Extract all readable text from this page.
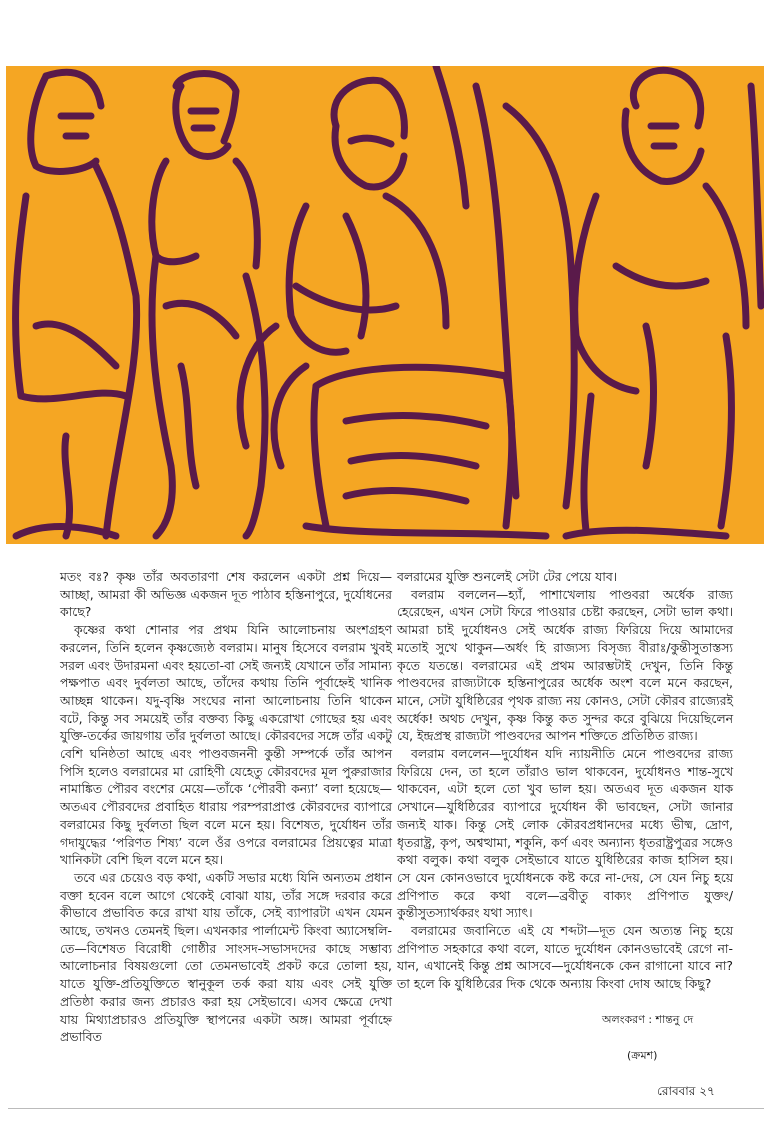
মতং বঃ? কৃষ্ণ তাঁর অবতারণা শেষ করলেন একটা প্রশ্ন দিয়ে—আচ্ছা, আমরা কী অভিজ্ঞ একজন দূত পাঠাব হস্তিনাপুরে, দুর্যোধনের কাছে?

কৃষ্ণের কথা শোনার পর প্রথম যিনি আলোচনায় অংশগ্রহণ করলেন, তিনি হলেন কৃষ্ণজ্যেষ্ঠ বলরাম। মানুষ হিসেবে বলরাম খুবই সরল এবং উদারমনা এবং হয়তো-বা সেই জন্যই যেখানে তাঁর সামান্য পক্ষপাত এবং দুর্বলতা আছে, তাঁদের কথায় তিনি পূর্বাহ্নেই খানিক আচ্ছন্ন থাকেন। যদু-বৃষ্ণি সংঘের নানা আলোচনায় তিনি থাকেন বটে, কিন্তু সব সময়েই তাঁর বক্তব্য কিছু একরোখা গোছের হয় এবং যুক্তি-তর্কের জায়গায় তাঁর দুর্বলতা আছে। কৌরবদের সঙ্গে তাঁর একটু বেশি ঘনিষ্ঠতা আছে এবং পাণ্ডবজননী কুন্তী সম্পর্কে তাঁর আপন পিসি হলেও বলরামের মা রোহিণী যেহেতু কৌরবদের মূল পুরুরাজার নামাঙ্কিত পৌরব বংশের মেয়ে—তাঁকে ‘পৌরবী কন্যা’ বলা হয়েছে—অতএব পৌরবদের প্রবাহিত ধারায় পরম্পরাপ্রাপ্ত কৌরবদের ব্যাপারে বলরামের কিছু দুর্বলতা ছিল বলে মনে হয়। বিশেষত, দুর্যোধন তাঁর গদাযুদ্ধের ‘পরিণত শিষ্য’ বলে ওঁর ওপরে বলরামের প্রিয়ত্বের মাত্রা খানিকটা বেশি ছিল বলে মনে হয়।

তবে এর চেয়েও বড় কথা, একটি সভার মধ্যে যিনি অন্যতম প্রধান বক্তা হবেন বলে আগে থেকেই বোঝা যায়, তাঁর সঙ্গে দরবার করে কীভাবে প্রভাবিত করে রাখা যায় তাঁকে, সেই ব্যাপারটা এখন যেমন আছে, তখনও তেমনই ছিল। এখনকার পার্লামেন্ট কিংবা অ্যাসেম্বলি-তে—বিশেষত বিরোধী গোষ্ঠীর সাংসদ-সভাসদদের কাছে সম্ভাব্য আলোচনার বিষয়গুলো তো তেমনভাবেই প্রকট করে তোলা হয়, যাতে যুক্তি-প্রতিযুক্তিতে স্বানুকূল তর্ক করা যায় এবং সেই যুক্তি প্রতিষ্ঠা করার জন্য প্রচারও করা হয় সেইভাবে। এসব ক্ষেত্রে দেখা যায় মিথ্যাপ্রচারও প্রতিযুক্তি স্থাপনের একটা অঙ্গ। আমরা পূর্বাহ্নে প্রভাবিত

বলরামের যুক্তি শুনলেই সেটা টের পেয়ে যাব।

বলরাম বললেন—হ্যাঁ, পাশাখেলায় পাণ্ডবরা অর্ধেক রাজ্য হেরেছেন, এখন সেটা ফিরে পাওয়ার চেষ্টা করছেন, সেটা ভাল কথা। আমরা চাই দুর্যোধনও সেই অর্ধেক রাজ্য ফিরিয়ে দিয়ে আমাদের মতোই সুখে থাকুন—অর্ধং হি রাজ্যস্য বিসৃজ্য বীরাঃ/কুন্তীসুতাস্তস্য কৃতে যতন্তে। বলরামের এই প্রথম আরম্ভটাই দেখুন, তিনি কিন্তু পাণ্ডবদের রাজ্যটাকে হস্তিনাপুরের অর্ধেক অংশ বলে মনে করছেন, মানে, সেটা যুধিষ্ঠিরের পৃথক রাজ্য নয় কোনও, সেটা কৌরব রাজ্যেরই অর্ধেক! অথচ দেখুন, কৃষ্ণ কিন্তু কত সুন্দর করে বুঝিয়ে দিয়েছিলেন যে, ইন্দ্রপ্রস্থ রাজ্যটা পাণ্ডবদের আপন শক্তিতে প্রতিষ্ঠিত রাজ্য।

বলরাম বললেন—দুর্যোধন যদি ন্যায়নীতি মেনে পাণ্ডবদের রাজ্য ফিরিয়ে দেন, তা হলে তাঁরাও ভাল থাকবেন, দুর্যোধনও শান্ত-সুখে থাকবেন, এটা হলে তো খুব ভাল হয়। অতএব দূত একজন যাক সেখানে—যুধিষ্ঠিরের ব্যাপারে দুর্যোধন কী ভাবছেন, সেটা জানার জন্যই যাক। কিন্তু সেই লোক কৌরবপ্রধানদের মধ্যে ভীষ্ম, দ্রোণ, ধৃতরাষ্ট্র, কৃপ, অশ্বত্থামা, শকুনি, কর্ণ এবং অন্যান্য ধৃতরাষ্ট্রপুত্রর সঙ্গেও কথা বলুক। কথা বলুক সেইভাবে যাতে যুধিষ্ঠিরের কাজ হাসিল হয়। সে যেন কোনওভাবে দুর্যোধনকে কষ্ট করে না-দেয়, সে যেন নিচু হয়ে প্রণিপাত করে কথা বলে—ব্রবীতু বাক্যং প্রণিপাত যুক্তং/কুন্তীসুতস্যার্থকরং যথা স্যাৎ।

বলরামের জবানিতে এই যে শব্দটা—দূত যেন অত্যন্ত নিচু হয়ে প্রণিপাত সহকারে কথা বলে, যাতে দুর্যোধন কোনওভাবেই রেগে না-যান, এখানেই কিন্তু প্রশ্ন আসবে—দুর্যোধনকে কেন রাগানো যাবে না? তা হলে কি যুধিষ্ঠিরের দিক থেকে অন্যায় কিংবা দোষ আছে কিছু?

অলংকরণ : শান্তনু দে
(ক্রমশ)
রোববার ২৭
